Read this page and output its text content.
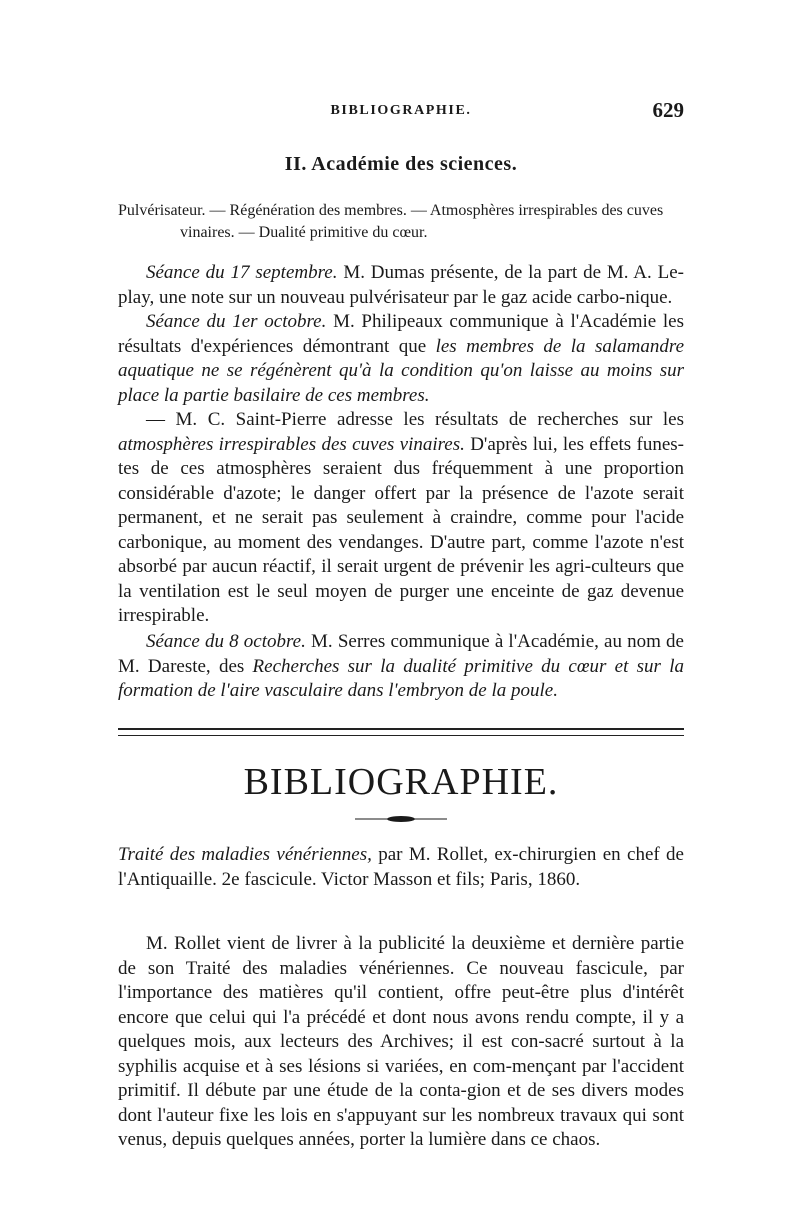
BIBLIOGRAPHIE.	629
II. Académie des sciences.

Pulvérisateur. — Régénération des membres. — Atmosphères irrespirables des cuves vinaires. — Dualité primitive du cœur.

Séance du 17 septembre. M. Dumas présente, de la part de M. A. Le-play, une note sur un nouveau pulvérisateur par le gaz acide carbo-nique.

Séance du 1er octobre. M. Philipeaux communique à l'Académie les résultats d'expériences démontrant que les membres de la salamandre aquatique ne se régénèrent qu'à la condition qu'on laisse au moins sur place la partie basilaire de ces membres.

— M. C. Saint-Pierre adresse les résultats de recherches sur les atmosphères irrespirables des cuves vinaires. D'après lui, les effets funes-tes de ces atmosphères seraient dus fréquemment à une proportion considérable d'azote; le danger offert par la présence de l'azote serait permanent, et ne serait pas seulement à craindre, comme pour l'acide carbonique, au moment des vendanges. D'autre part, comme l'azote n'est absorbé par aucun réactif, il serait urgent de prévenir les agri-culteurs que la ventilation est le seul moyen de purger une enceinte de gaz devenue irrespirable.

Séance du 8 octobre. M. Serres communique à l'Académie, au nom de M. Dareste, des Recherches sur la dualité primitive du cœur et sur la formation de l'aire vasculaire dans l'embryon de la poule.

BIBLIOGRAPHIE.

Traité des maladies vénériennes, par M. Rollet, ex-chirurgien en chef de l'Antiquaille. 2e fascicule. Victor Masson et fils; Paris, 1860.

M. Rollet vient de livrer à la publicité la deuxième et dernière partie de son Traité des maladies vénériennes. Ce nouveau fascicule, par l'importance des matières qu'il contient, offre peut-être plus d'intérêt encore que celui qui l'a précédé et dont nous avons rendu compte, il y a quelques mois, aux lecteurs des Archives; il est con-sacré surtout à la syphilis acquise et à ses lésions si variées, en com-mençant par l'accident primitif. Il débute par une étude de la conta-gion et de ses divers modes dont l'auteur fixe les lois en s'appuyant sur les nombreux travaux qui sont venus, depuis quelques années, porter la lumière dans ce chaos.
